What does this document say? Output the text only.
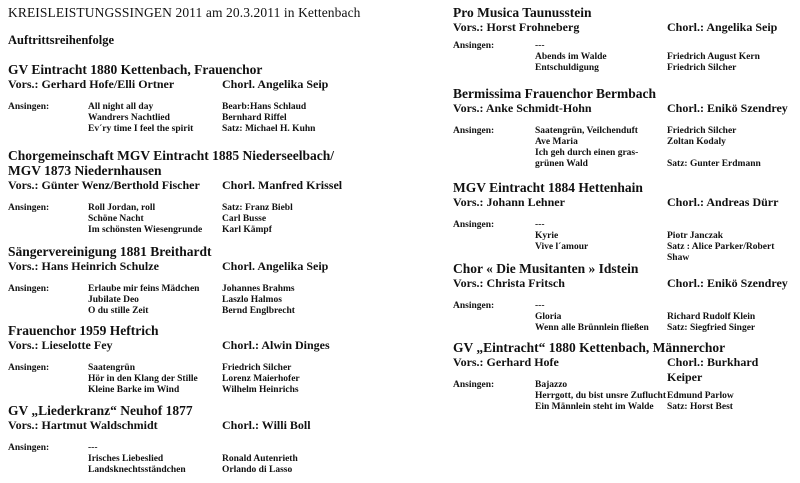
KREISLEISTUNGSSINGEN 2011 am 20.3.2011 in Kettenbach
Auftrittsreihenfolge
GV Eintracht 1880 Kettenbach, Frauenchor
Vors.: Gerhard Hofe/Elli Ortner	Chorl. Angelika Seip
Ansingen:	All night all day	Bearb:Hans Schlaud
Wandrers Nachtlied	Bernhard Riffel
Ev´ry time I feel the spirit	Satz: Michael H. Kuhn
Chorgemeinschaft MGV Eintracht 1885 Niederseelbach/
MGV 1873 Niedernhausen
Vors.: Günter Wenz/Berthold Fischer Chorl. Manfred Krissel
Ansingen:	Roll Jordan, roll	Satz: Franz Biebl
Schöne Nacht	Carl Busse
Im schönsten Wiesengrunde Karl Kämpf
Sängervereinigung 1881 Breithardt
Vors.: Hans Heinrich Schulze	Chorl. Angelika Seip
Ansingen:	Erlaube mir feins Mädchen Johannes Brahms
Jubilate Deo	Laszlo Halmos
O du stille Zeit	Bernd Englbrecht
Frauenchor 1959 Heftrich
Vors.: Lieselotte Fey	Chorl.: Alwin Dinges
Ansingen:	Saatengrün	Friedrich Silcher
Hör in den Klang der Stille	Lorenz Maierhofer
Kleine Barke im Wind	Wilhelm Heinrichs
GV „Liederkranz“ Neuhof 1877
Vors.: Hartmut Waldschmidt	Chorl.: Willi Boll
Ansingen:	---
Irisches Liebeslied	Ronald Autenrieth
Landsknechtsständchen	Orlando di Lasso
Pro Musica Taunusstein
Vors.: Horst Frohneberg	Chorl.: Angelika Seip
Ansingen:	---
Abends im Walde	Friedrich August Kern
Entschuldigung	Friedrich Silcher
Bermissima Frauenchor Bermbach
Vors.: Anke Schmidt-Hohn	Chorl.: Enikö Szendrey
Ansingen:	Saatengrün, Veilchenduft	Friedrich Silcher
Ave Maria	Zoltan Kodaly
Ich geh durch einen gras-
grünen Wald	Satz: Gunter Erdmann
MGV Eintracht 1884 Hettenhain
Vors.: Johann Lehner	Chorl.: Andreas Dürr
Ansingen:	---
Kyrie	Piotr Janczak
Vive l´amour	Satz : Alice Parker/Robert Shaw
Chor « Die Musitanten » Idstein
Vors.: Christa Fritsch	Chorl.: Enikö Szendrey
Ansingen:	---
Gloria	Richard Rudolf Klein
Wenn alle Brünnlein fließen Satz: Siegfried Singer
GV „Eintracht“ 1880 Kettenbach, Männerchor
Vors.: Gerhard Hofe	Chorl.: Burkhard Keiper
Ansingen:	Bajazzo
Herrgott, du bist unsre Zuflucht Edmund Parlow
Ein Männlein steht im Walde Satz: Horst Best
